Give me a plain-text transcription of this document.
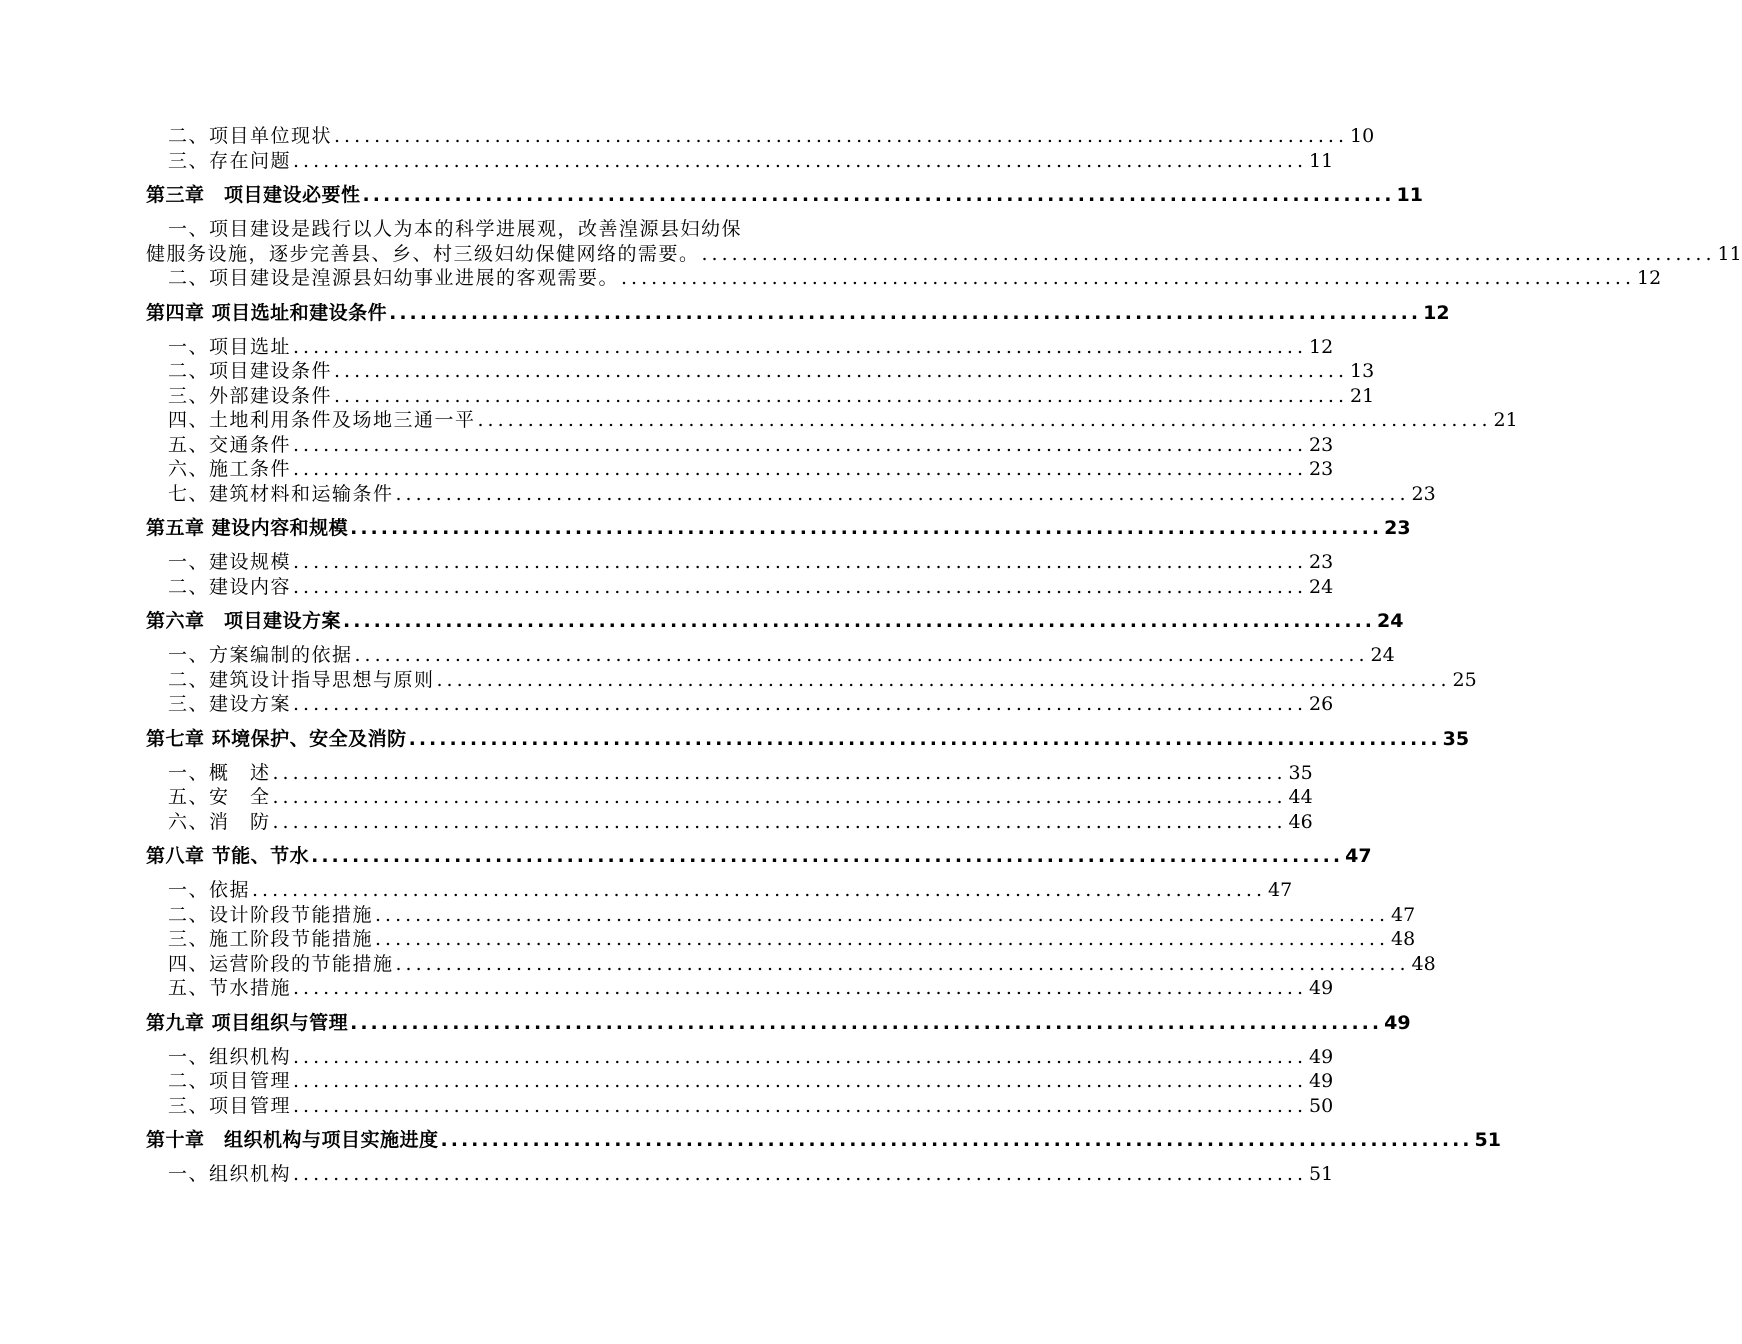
二、项目单位现状 ..................................................................................................... 10
三、存在问题 ..................................................................................................... 11
第三章　项目建设必要性 ..................................................................................................... 11
一、项目建设是践行以人为本的科学进展观，改善湟源县妇幼保
健服务设施，逐步完善县、乡、村三级妇幼保健网络的需要。 ..................................................................................................... 11
二、项目建设是湟源县妇幼事业进展的客观需要。 ..................................................................................................... 12
第四章 项目选址和建设条件 ..................................................................................................... 12
一、项目选址 ..................................................................................................... 12
二、项目建设条件 ..................................................................................................... 13
三、外部建设条件 ..................................................................................................... 21
四、土地利用条件及场地三通一平 ..................................................................................................... 21
五、交通条件 ..................................................................................................... 23
六、施工条件 ..................................................................................................... 23
七、建筑材料和运输条件 ..................................................................................................... 23
第五章 建设内容和规模 ..................................................................................................... 23
一、建设规模 ..................................................................................................... 23
二、建设内容 ..................................................................................................... 24
第六章　项目建设方案 ..................................................................................................... 24
一、方案编制的依据 ..................................................................................................... 24
二、建筑设计指导思想与原则 ..................................................................................................... 25
三、建设方案 ..................................................................................................... 26
第七章 环境保护、安全及消防 ..................................................................................................... 35
一、概　述 ..................................................................................................... 35
五、安　全 ..................................................................................................... 44
六、消　防 ..................................................................................................... 46
第八章 节能、节水 ..................................................................................................... 47
一、依据 ..................................................................................................... 47
二、设计阶段节能措施 ..................................................................................................... 47
三、施工阶段节能措施 ..................................................................................................... 48
四、运营阶段的节能措施 ..................................................................................................... 48
五、节水措施 ..................................................................................................... 49
第九章 项目组织与管理 ..................................................................................................... 49
一、组织机构 ..................................................................................................... 49
二、项目管理 ..................................................................................................... 49
三、项目管理 ..................................................................................................... 50
第十章　组织机构与项目实施进度 ..................................................................................................... 51
一、组织机构 ..................................................................................................... 51
